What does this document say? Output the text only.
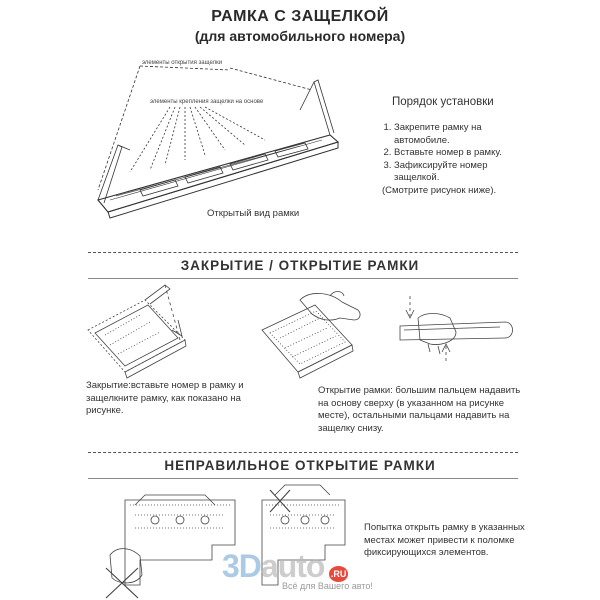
РАМКА С ЗАЩЕЛКОЙ
(для автомобильного номера)
элементы открытия защелки
элементы крепления защелки на основе
Открытый вид рамки
Порядок установки
1. Закрепите рамку на автомобиле.
2. Вставьте номер в рамку.
3. Зафиксируйте номер защелкой.
(Смотрите рисунок ниже).
ЗАКРЫТИЕ / ОТКРЫТИЕ РАМКИ
Закрытие:вставьте номер в рамку и защелкните рамку, как показано на рисунке.
Открытие рамки: большим пальцем надавить на основу сверху (в указанном на рисунке месте), остальными пальцами надавить на защелку снизу.
НЕПРАВИЛЬНОЕ ОТКРЫТИЕ РАМКИ
Попытка открыть рамку в указанных местах может привести к поломке фиксирующихся элементов.
3Dauto .RU
Всё для Вашего авто!
